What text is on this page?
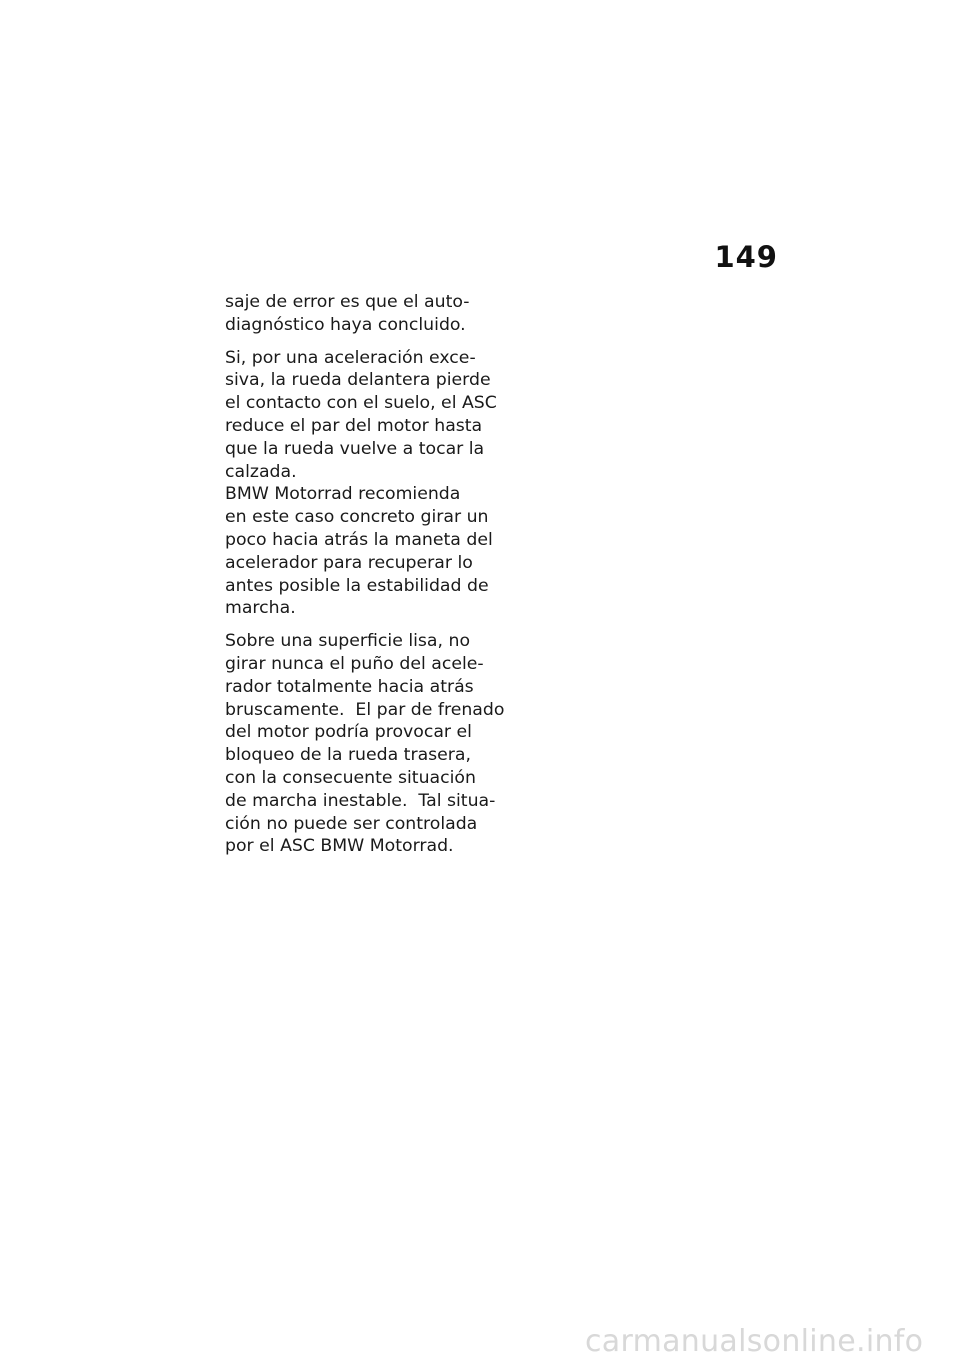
149

saje de error es que el auto-
diagnóstico haya concluido.

Si, por una aceleración exce-
siva, la rueda delantera pierde
el contacto con el suelo, el ASC
reduce el par del motor hasta
que la rueda vuelve a tocar la
calzada.

BMW Motorrad recomienda
en este caso concreto girar un
poco hacia atrás la maneta del
acelerador para recuperar lo
antes posible la estabilidad de
marcha.

Sobre una superficie lisa, no
girar nunca el puño del acele-
rador totalmente hacia atrás
bruscamente.  El par de frenado
del motor podría provocar el
bloqueo de la rueda trasera,
con la consecuente situación
de marcha inestable.  Tal situa-
ción no puede ser controlada
por el ASC BMW Motorrad.

carmanualsonline.info
